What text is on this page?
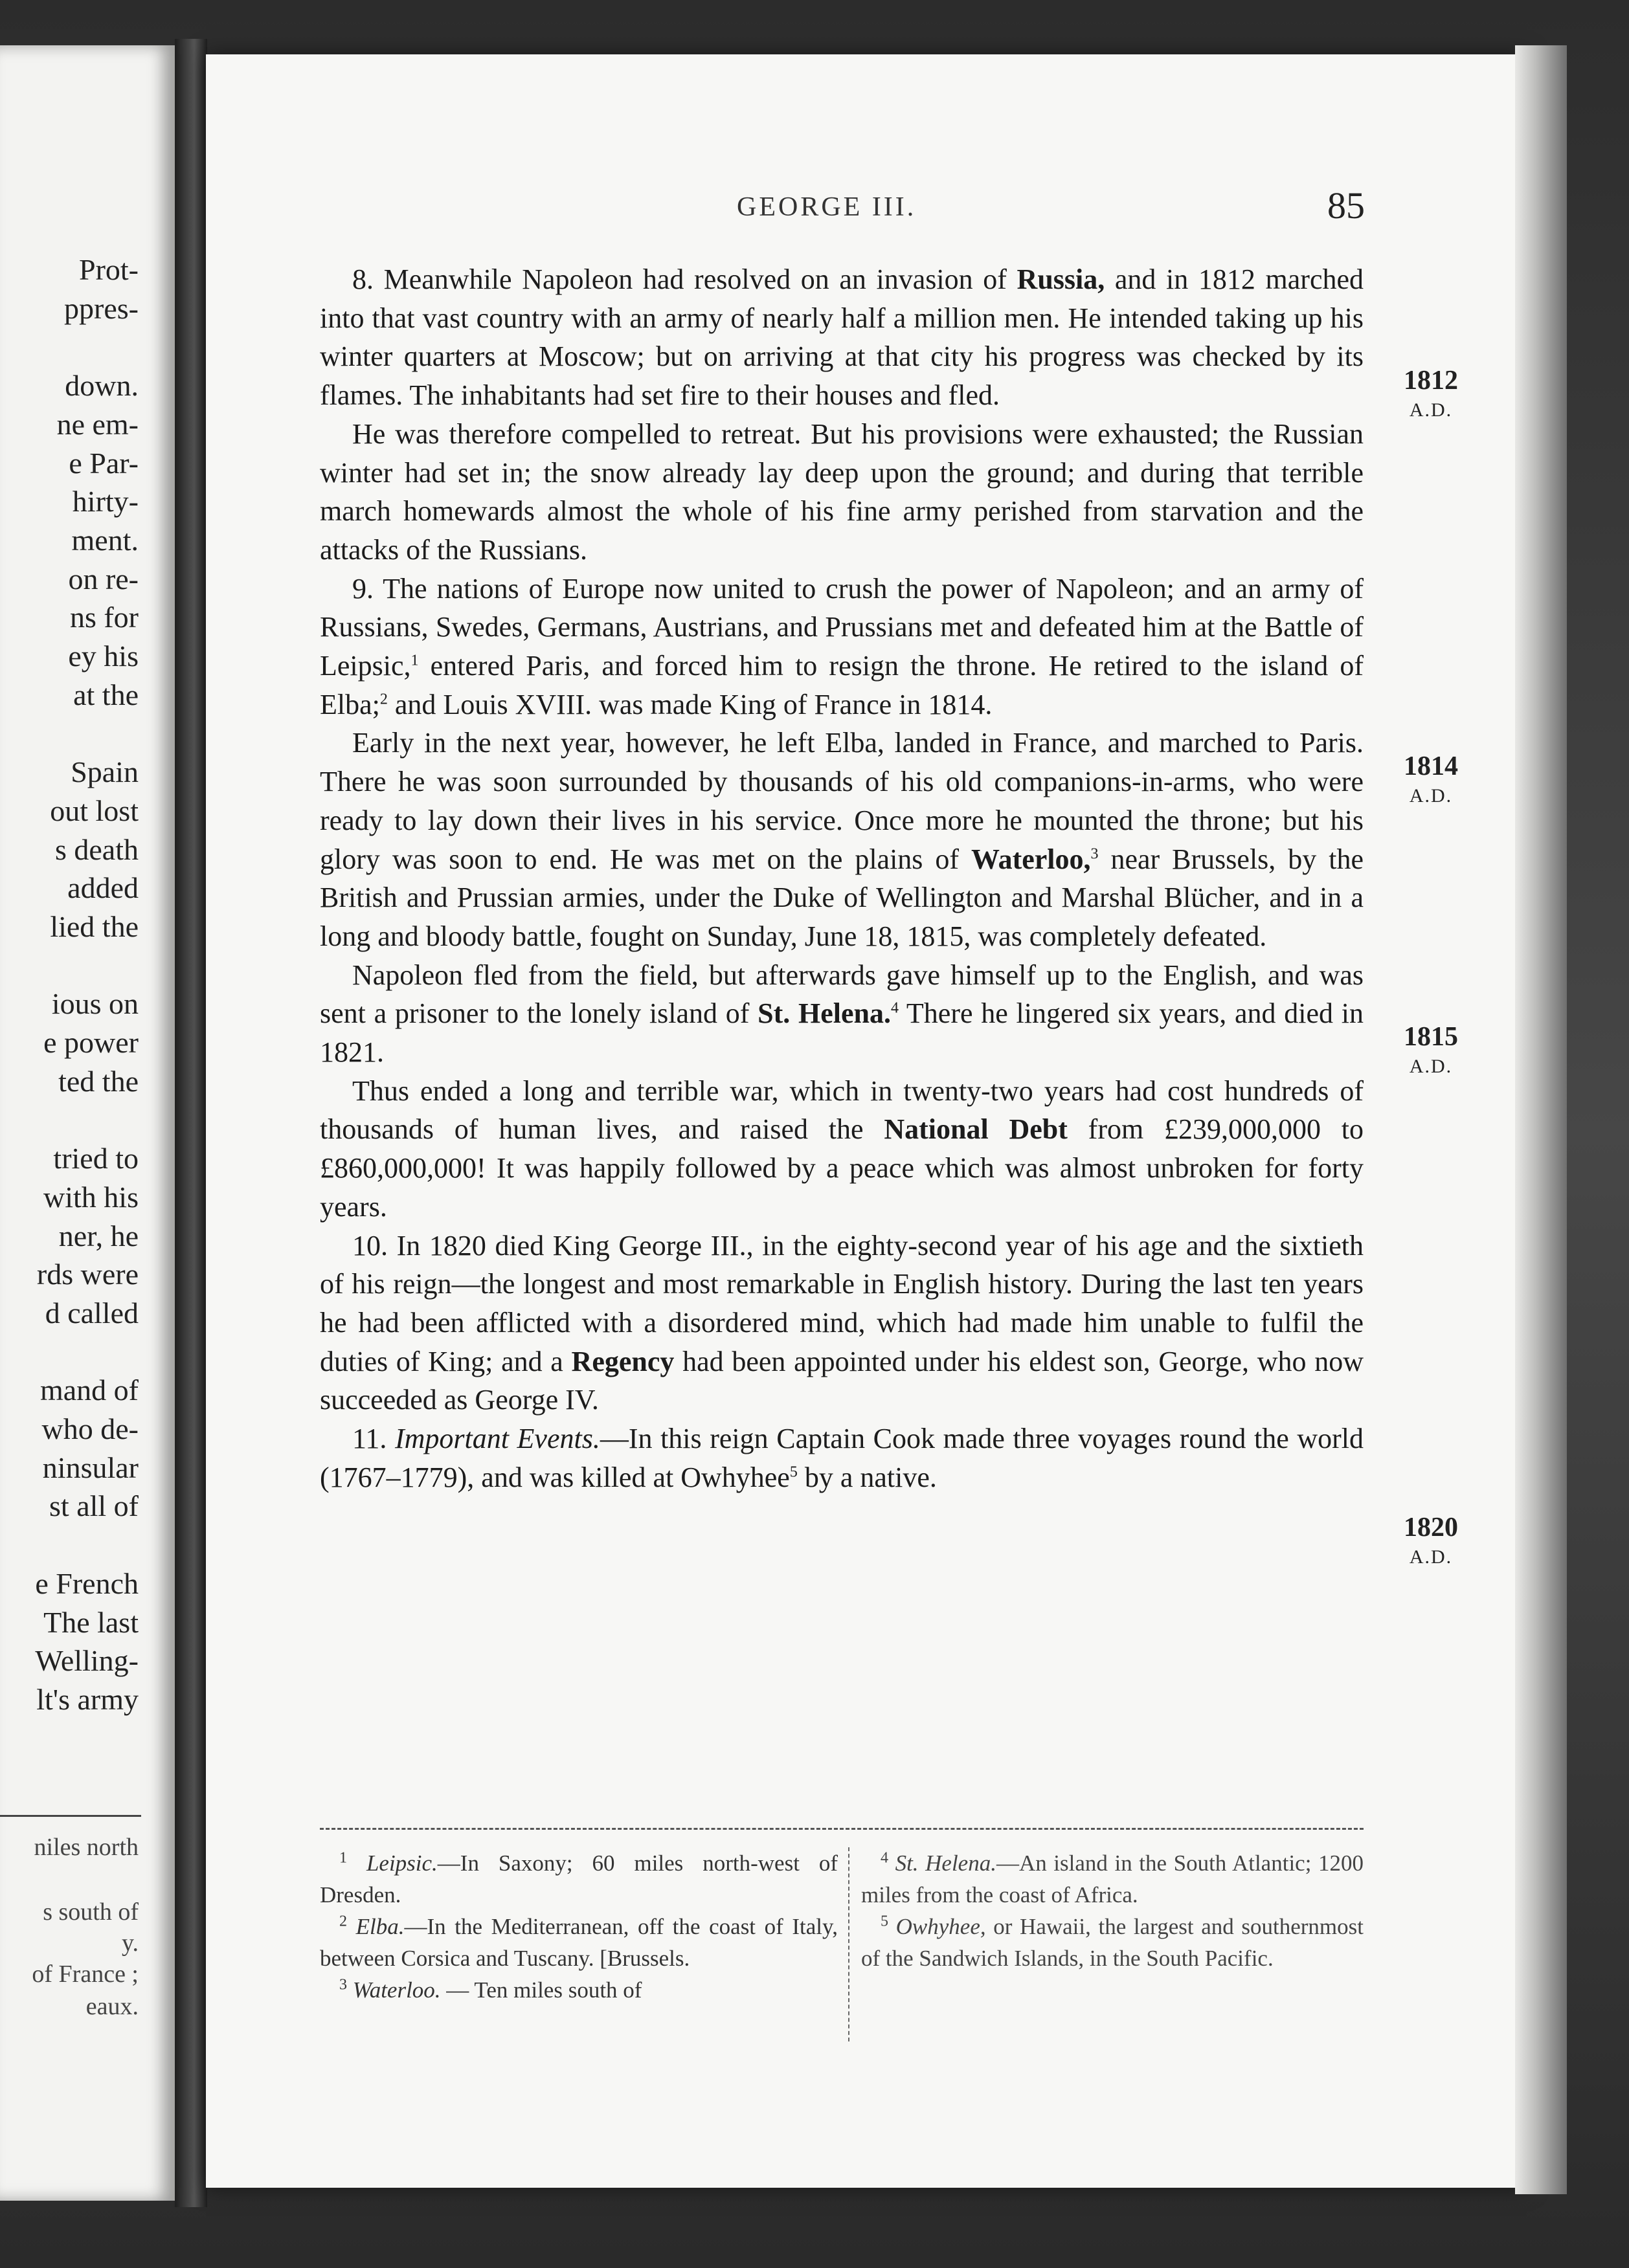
Prot-
ppres-
down.
ne em-
e Par-
hirty-
ment.
on re-
ns for
ey his
at the
Spain
out lost
s death
added
lied the
ious on
e power
ted the
tried to
with his
ner, he
rds were
d called
mand of
who de-
ninsular
st all of
e French
The last
Welling-
lt's army
niles north
s south of
y.
of France ;
eaux.
GEORGE III.	85

8. Meanwhile Napoleon had resolved on an invasion of Russia, and in 1812 marched into that vast country with an army of nearly half a million men. He intended taking up his winter quarters at Moscow; but on arriving at that city his progress was checked by its flames. The inhabitants had set fire to their houses and fled.

He was therefore compelled to retreat. But his provisions were exhausted; the Russian winter had set in; the snow already lay deep upon the ground; and during that terrible march homewards almost the whole of his fine army perished from starvation and the attacks of the Russians.

9. The nations of Europe now united to crush the power of Napoleon; and an army of Russians, Swedes, Germans, Austrians, and Prussians met and defeated him at the Battle of Leipsic,$^1$ entered Paris, and forced him to resign the throne. He retired to the island of Elba;$^2$ and Louis XVIII. was made King of France in 1814.

Early in the next year, however, he left Elba, landed in France, and marched to Paris. There he was soon surrounded by thousands of his old companions-in-arms, who were ready to lay down their lives in his service. Once more he mounted the throne; but his glory was soon to end. He was met on the plains of Waterloo,$^3$ near Brussels, by the British and Prussian armies, under the Duke of Wellington and Marshal Blücher, and in a long and bloody battle, fought on Sunday, June 18, 1815, was completely defeated.

Napoleon fled from the field, but afterwards gave himself up to the English, and was sent a prisoner to the lonely island of St. Helena.$^4$ There he lingered six years, and died in 1821.

Thus ended a long and terrible war, which in twenty-two years had cost hundreds of thousands of human lives, and raised the National Debt from £239,000,000 to £860,000,000! It was happily followed by a peace which was almost unbroken for forty years.

10. In 1820 died King George III., in the eighty-second year of his age and the sixtieth of his reign—the longest and most remarkable in English history. During the last ten years he had been afflicted with a disordered mind, which had made him unable to fulfil the duties of King; and a Regency had been appointed under his eldest son, George, who now succeeded as George IV.

11. Important Events.—In this reign Captain Cook made three voyages round the world (1767–1779), and was killed at Owhyhee$^5$ by a native.

1812
A.D.
1814
A.D.
1815
A.D.
1820
A.D.

$^1$ Leipsic.—In Saxony; 60 miles north-west of Dresden.

$^2$ Elba.—In the Mediterranean, off the coast of Italy, between Corsica and Tuscany. [Brussels.

$^3$ Waterloo. — Ten miles south of

$^4$ St. Helena.—An island in the South Atlantic; 1200 miles from the coast of Africa.

$^5$ Owhyhee, or Hawaii, the largest and southernmost of the Sandwich Islands, in the South Pacific.
